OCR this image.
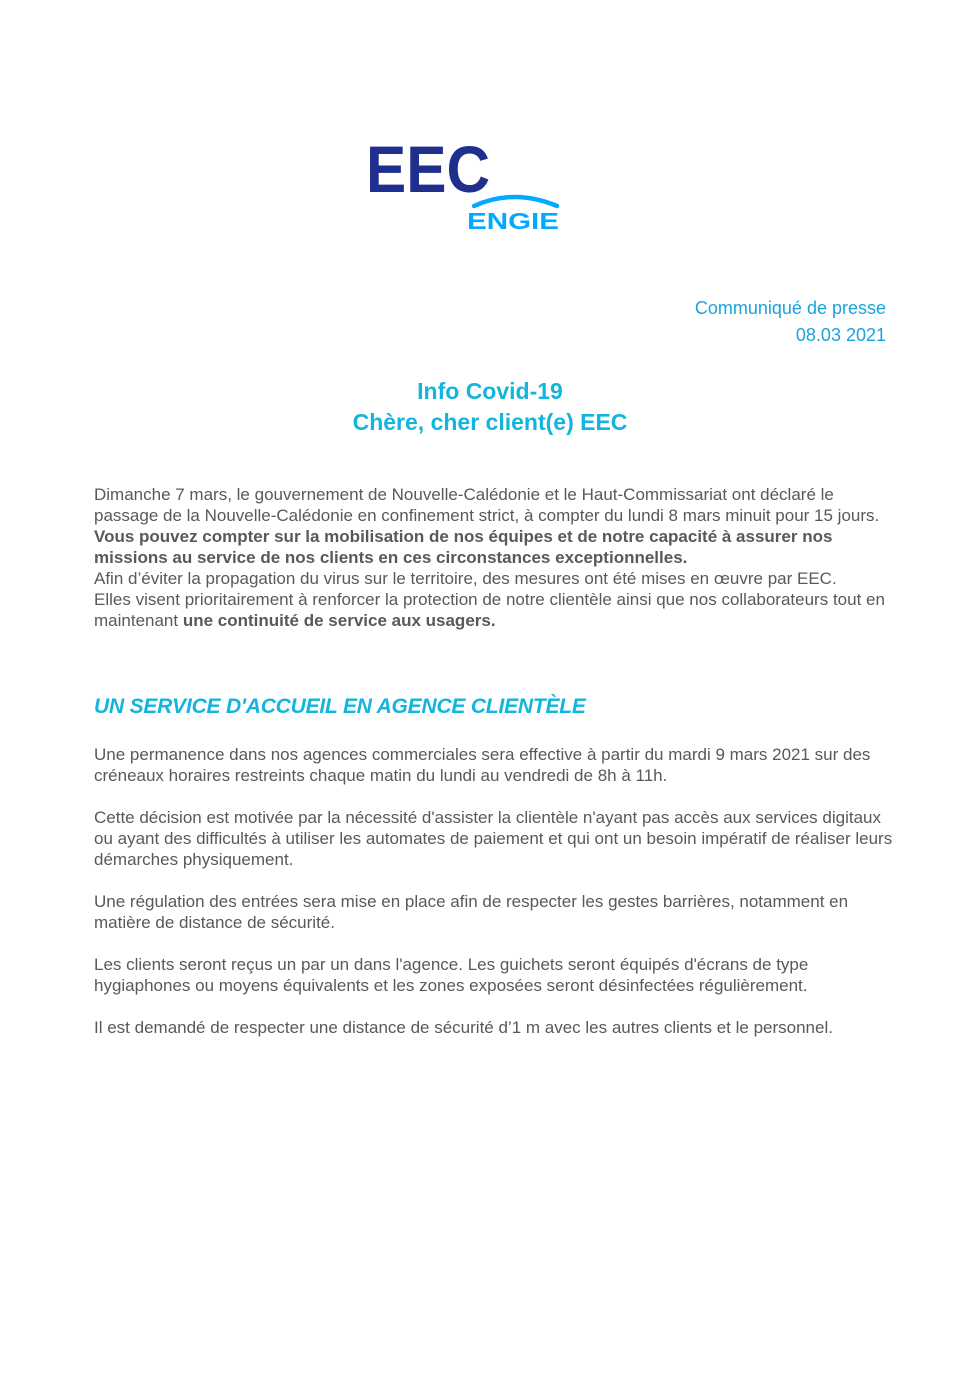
EEC
ENGIE
Communiqué de presse
08.03 2021
Info Covid-19
Chère, cher client(e) EEC

Dimanche 7 mars, le gouvernement de Nouvelle-Calédonie et le Haut-Commissariat ont déclaré le passage de la Nouvelle-Calédonie en confinement strict, à compter du lundi 8 mars minuit pour 15 jours.

Vous pouvez compter sur la mobilisation de nos équipes et de notre capacité à assurer nos missions au service de nos clients en ces circonstances exceptionnelles.

Afin d’éviter la propagation du virus sur le territoire, des mesures ont été mises en œuvre par EEC.

Elles visent prioritairement à renforcer la protection de notre clientèle ainsi que nos collaborateurs tout en maintenant une continuité de service aux usagers.

UN SERVICE D'ACCUEIL EN AGENCE CLIENTÈLE

Une permanence dans nos agences commerciales sera effective à partir du mardi 9 mars 2021 sur des créneaux horaires restreints chaque matin du lundi au vendredi de 8h à 11h.

Cette décision est motivée par la nécessité d'assister la clientèle n'ayant pas accès aux services digitaux ou ayant des difficultés à utiliser les automates de paiement et qui ont un besoin impératif de réaliser leurs démarches physiquement.

Une régulation des entrées sera mise en place afin de respecter les gestes barrières, notamment en matière de distance de sécurité.

Les clients seront reçus un par un dans l'agence. Les guichets seront équipés d'écrans de type hygiaphones ou moyens équivalents et les zones exposées seront désinfectées régulièrement.

Il est demandé de respecter une distance de sécurité d’1 m avec les autres clients et le personnel.
